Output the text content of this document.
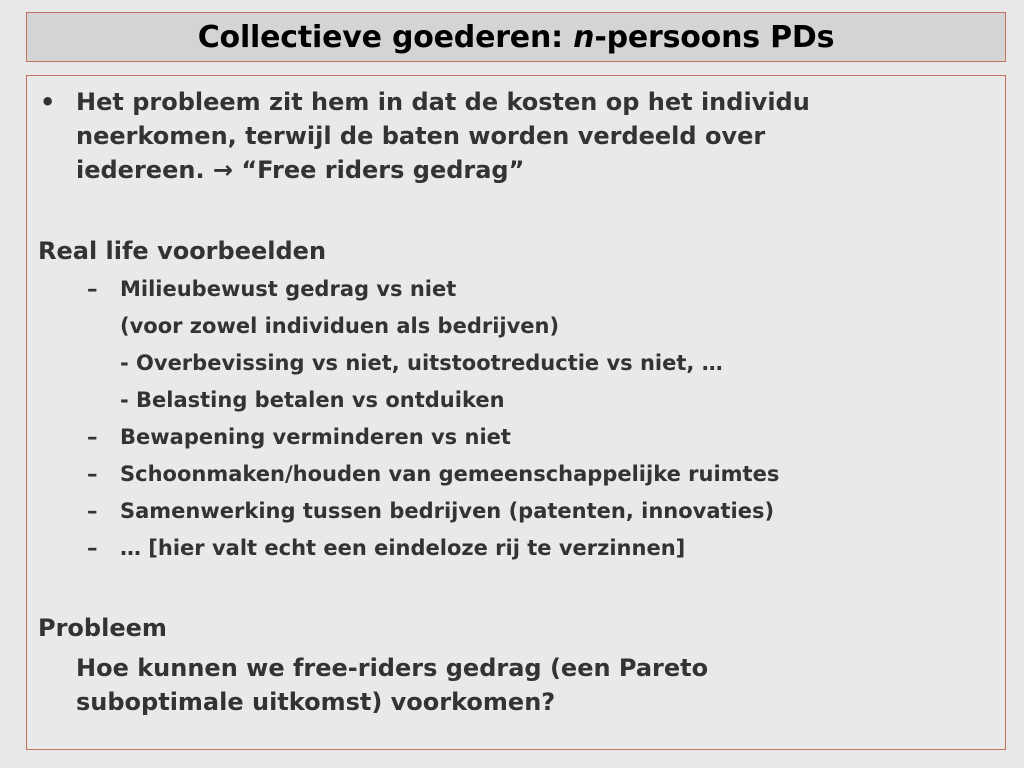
Collectieve goederen: n-persoons PDs
• Het probleem zit hem in dat de kosten op het individu
neerkomen, terwijl de baten worden verdeeld over
iedereen. → “Free riders gedrag”
Real life voorbeelden
– Milieubewust gedrag vs niet
(voor zowel individuen als bedrijven)
- Overbevissing vs niet, uitstootreductie vs niet, …
- Belasting betalen vs ontduiken
– Bewapening verminderen vs niet
– Schoonmaken/houden van gemeenschappelijke ruimtes
– Samenwerking tussen bedrijven (patenten, innovaties)
– … [hier valt echt een eindeloze rij te verzinnen]
Probleem
Hoe kunnen we free-riders gedrag (een Pareto
suboptimale uitkomst) voorkomen?
